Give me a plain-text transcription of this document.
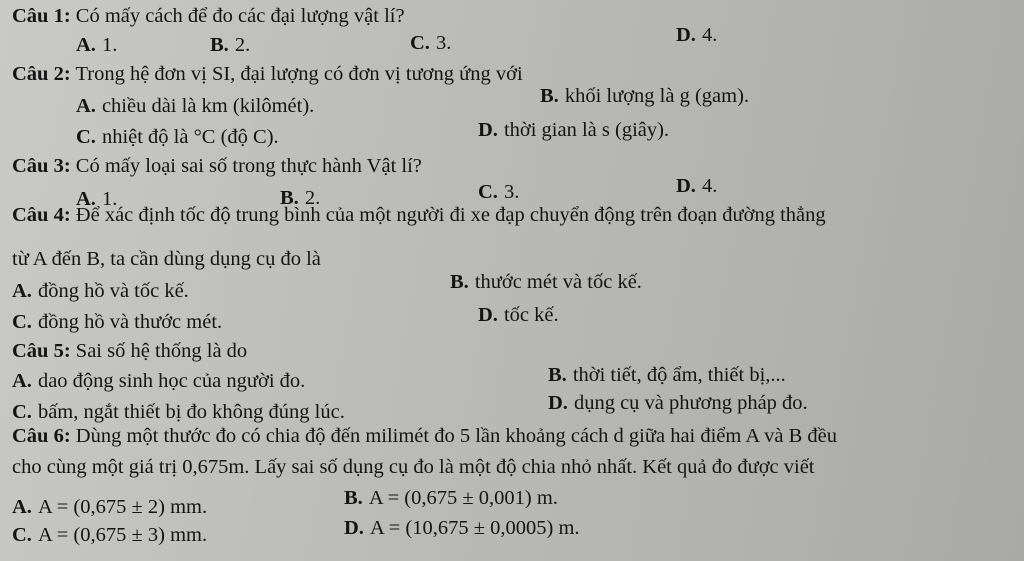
Câu 1: Có mấy cách để đo các đại lượng vật lí?
A. 1.	B. 2.	C. 3.	D. 4.
Câu 2: Trong hệ đơn vị SI, đại lượng có đơn vị tương ứng với
A. chiều dài là km (kilômét).	B. khối lượng là g (gam).
C. nhiệt độ là °C (độ C).	D. thời gian là s (giây).
Câu 3: Có mấy loại sai số trong thực hành Vật lí?
A. 1.	B. 2.	C. 3.	D. 4.
Câu 4: Để xác định tốc độ trung bình của một người đi xe đạp chuyển động trên đoạn đường thẳng
từ A đến B, ta cần dùng dụng cụ đo là
A. đồng hồ và tốc kế.	B. thước mét và tốc kế.
C. đồng hồ và thước mét.	D. tốc kế.
Câu 5: Sai số hệ thống là do
A. dao động sinh học của người đo.	B. thời tiết, độ ẩm, thiết bị,...
C. bấm, ngắt thiết bị đo không đúng lúc.	D. dụng cụ và phương pháp đo.
Câu 6: Dùng một thước đo có chia độ đến milimét đo 5 lần khoảng cách d giữa hai điểm A và B đều
cho cùng một giá trị 0,675m. Lấy sai số dụng cụ đo là một độ chia nhỏ nhất. Kết quả đo được viết
A. A = (0,675 ± 2) mm.	B. A = (0,675 ± 0,001) m.
C. A = (0,675 ± 3) mm.	D. A = (10,675 ± 0,0005) m.
